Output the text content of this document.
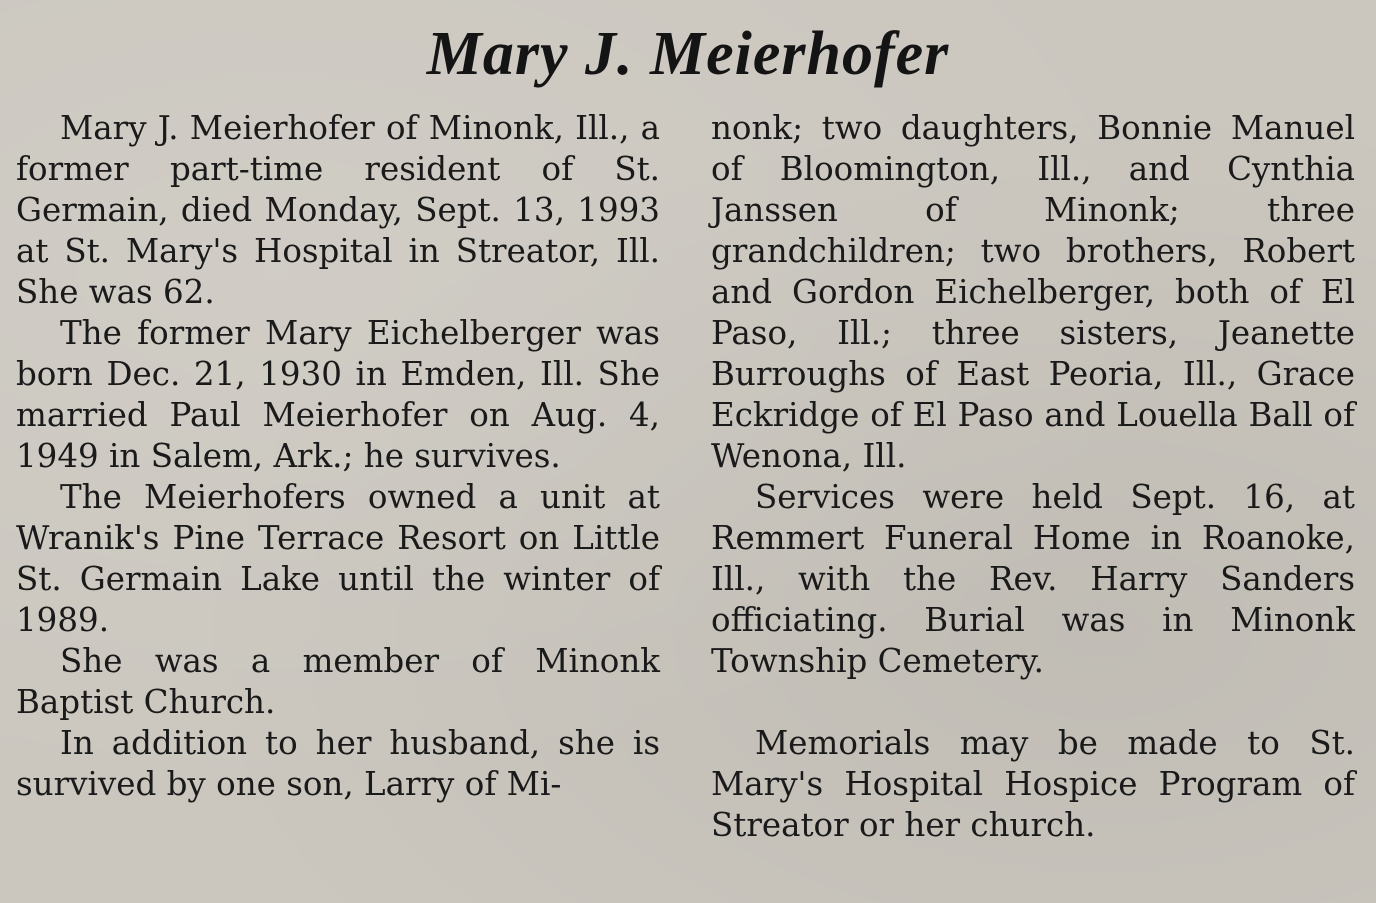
Mary J. Meierhofer

Mary J. Meierhofer of Minonk, Ill., a former part-time resident of St. Germain, died Monday, Sept. 13, 1993 at St. Mary's Hospital in Streator, Ill. She was 62.

The former Mary Eichelberger was born Dec. 21, 1930 in Emden, Ill. She married Paul Meierhofer on Aug. 4, 1949 in Salem, Ark.; he survives.

The Meierhofers owned a unit at Wranik's Pine Terrace Resort on Little St. Germain Lake until the winter of 1989.

She was a member of Minonk Baptist Church.

In addition to her husband, she is survived by one son, Larry of Mi-

nonk; two daughters, Bonnie Manuel of Bloomington, Ill., and Cynthia Janssen of Minonk; three grandchildren; two brothers, Robert and Gordon Eichelberger, both of El Paso, Ill.; three sisters, Jeanette Burroughs of East Peoria, Ill., Grace Eckridge of El Paso and Louella Ball of Wenona, Ill.

Services were held Sept. 16, at Remmert Funeral Home in Roanoke, Ill., with the Rev. Harry Sanders officiating. Burial was in Minonk Township Cemetery.

Memorials may be made to St. Mary's Hospital Hospice Program of Streator or her church.
